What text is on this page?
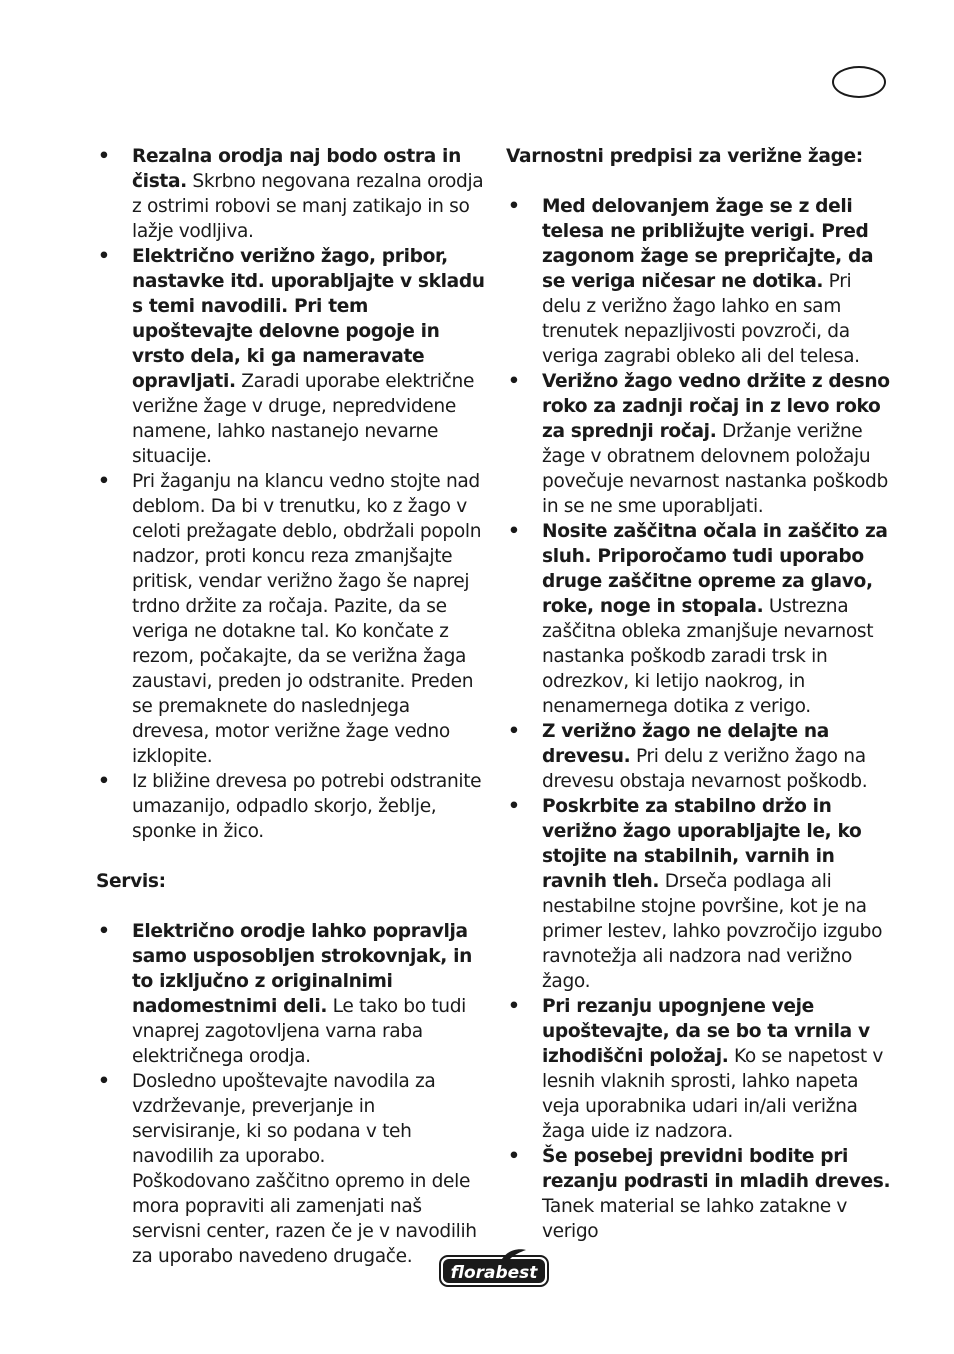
• Rezalna orodja naj bodo ostra in čista. Skrbno negovana rezalna orodja z ostrimi robovi se manj zatikajo in so lažje vodljiva.
• Električno verižno žago, pribor, nastavke itd. uporabljajte v skladu s temi navodili. Pri tem upoštevajte delovne pogoje in vrsto dela, ki ga nameravate opravljati. Zaradi uporabe električne verižne žage v druge, nepredvidene namene, lahko nastanejo nevarne situacije.
• Pri žaganju na klancu vedno stojte nad deblom. Da bi v trenutku, ko z žago v celoti prežagate deblo, obdržali popoln nadzor, proti koncu reza zmanjšajte pritisk, vendar verižno žago še naprej trdno držite za ročaja. Pazite, da se veriga ne dotakne tal. Ko končate z rezom, počakajte, da se verižna žaga zaustavi, preden jo odstranite. Preden se premaknete do naslednjega drevesa, motor verižne žage vedno izklopite.
• Iz bližine drevesa po potrebi odstranite umazanijo, odpadlo skorjo, žeblje, sponke in žico.

Servis:

• Električno orodje lahko popravlja samo usposobljen strokovnjak, in to izključno z originalnimi nadomestnimi deli. Le tako bo tudi vnaprej zagotovljena varna raba električnega orodja.
• Dosledno upoštevajte navodila za vzdrževanje, preverjanje in servisiranje, ki so podana v teh navodilih za uporabo.

Poškodovano zaščitno opremo in dele mora popraviti ali zamenjati naš servisni center, razen če je v navodilih za uporabo navedeno drugače.

Varnostni predpisi za verižne žage:

• Med delovanjem žage se z deli telesa ne približujte verigi. Pred zagonom žage se prepričajte, da se veriga ničesar ne dotika. Pri delu z verižno žago lahko en sam trenutek nepazljivosti povzroči, da veriga zagrabi obleko ali del telesa.
• Verižno žago vedno držite z desno roko za zadnji ročaj in z levo roko za sprednji ročaj. Držanje verižne žage v obratnem delovnem položaju povečuje nevarnost nastanka poškodb in se ne sme uporabljati.
• Nosite zaščitna očala in zaščito za sluh. Priporočamo tudi uporabo druge zaščitne opreme za glavo, roke, noge in stopala. Ustrezna zaščitna obleka zmanjšuje nevarnost nastanka poškodb zaradi trsk in odrezkov, ki letijo naokrog, in nenamernega dotika z verigo.
• Z verižno žago ne delajte na drevesu. Pri delu z verižno žago na drevesu obstaja nevarnost poškodb.
• Poskrbite za stabilno držo in verižno žago uporabljajte le, ko stojite na stabilnih, varnih in ravnih tleh. Drseča podlaga ali nestabilne stojne površine, kot je na primer lestev, lahko povzročijo izgubo ravnotežja ali nadzora nad verižno žago.
• Pri rezanju upognjene veje upoštevajte, da se bo ta vrnila v izhodiščni položaj. Ko se napetost v lesnih vlaknih sprosti, lahko napeta veja uporabnika udari in/ali verižna žaga uide iz nadzora.
• Še posebej previdni bodite pri rezanju podrasti in mladih dreves. Tanek material se lahko zatakne v verigo
florabest
